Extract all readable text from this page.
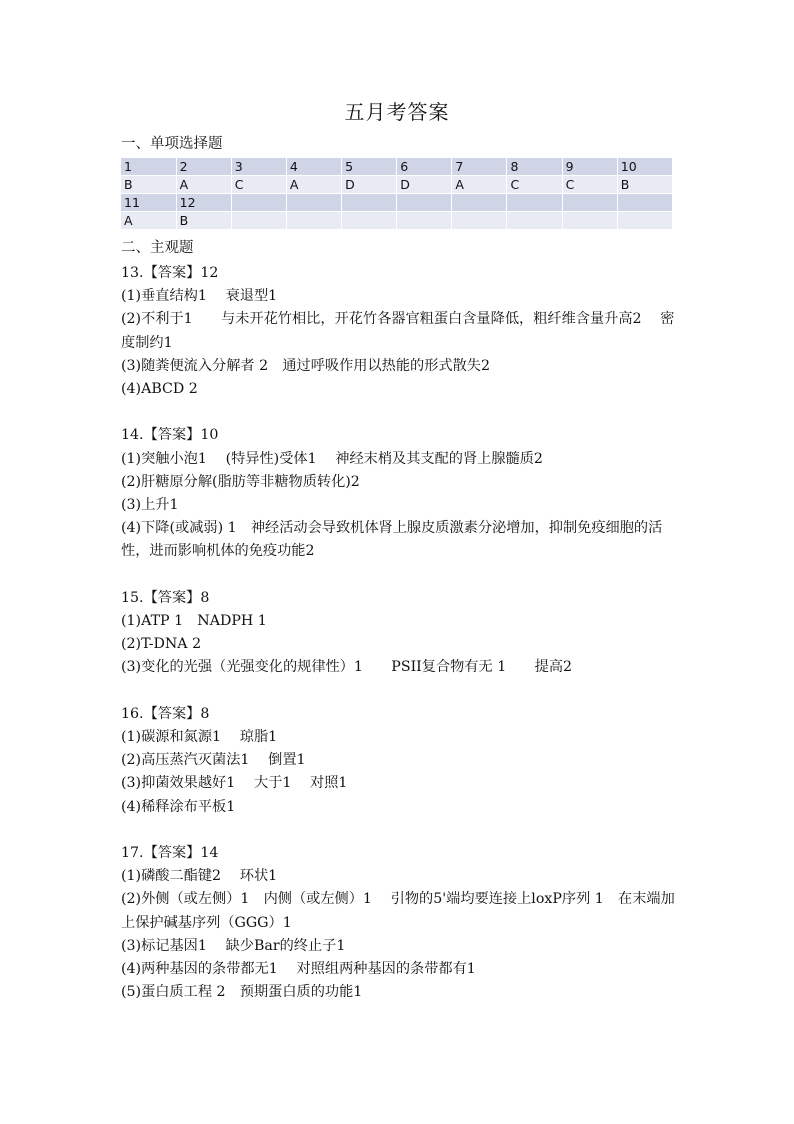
五月考答案
一、单项选择题
1	2	3	4	5	6	7	8	9	10
B	A	C	A	D	D	A	C	C	B
11	12								
A	B								
二、主观题
13.【答案】12
(1)垂直结构1　 衰退型1
(2)不利于1　　与未开花竹相比，开花竹各器官粗蛋白含量降低，粗纤维含量升高2　 密度制约1
(3)随粪便流入分解者 2　通过呼吸作用以热能的形式散失2
(4)ABCD 2
14.【答案】10
(1)突触小泡1　 (特异性)受体1　 神经末梢及其支配的肾上腺髓质2
(2)肝糖原分解(脂肪等非糖物质转化)2
(3)上升1
(4)下降(或减弱) 1　神经活动会导致机体肾上腺皮质激素分泌增加，抑制免疫细胞的活性，进而影响机体的免疫功能2
15.【答案】8
(1)ATP 1　NADPH 1
(2)T-DNA 2
(3)变化的光强（光强变化的规律性）1　　PSII复合物有无 1　　提高2
16.【答案】8
(1)碳源和氮源1　 琼脂1
(2)高压蒸汽灭菌法1　 倒置1
(3)抑菌效果越好1　 大于1　 对照1
(4)稀释涂布平板1
17.【答案】14
(1)磷酸二酯键2　 环状1
(2)外侧（或左侧）1　内侧（或左侧）1　 引物的5'端均要连接上loxP序列 1　在末端加上保护碱基序列（GGG）1
(3)标记基因1　 缺少Bar的终止子1
(4)两种基因的条带都无1　 对照组两种基因的条带都有1
(5)蛋白质工程 2　预期蛋白质的功能1
